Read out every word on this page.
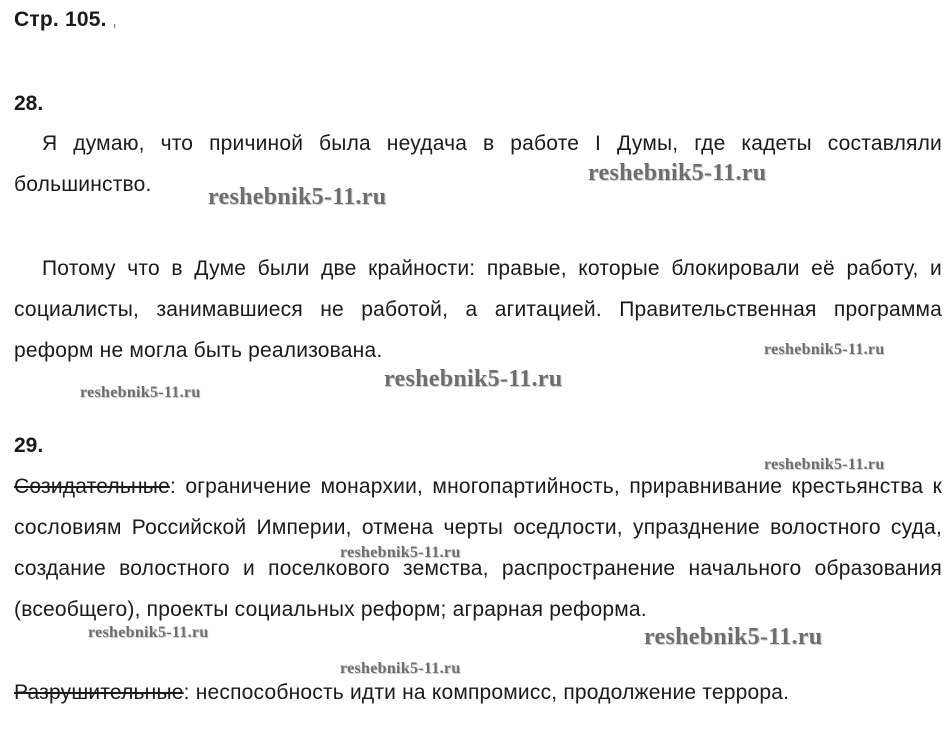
Стр. 105. ,
28.
Я думаю, что причиной была неудача в работе I Думы, где кадеты составляли большинство.
Потому что в Думе были две крайности: правые, которые блокировали её работу, и социалисты, занимавшиеся не работой, а агитацией. Правительственная программа реформ не могла быть реализована.
29.
Созидательные: ограничение монархии, многопартийность, приравнивание крестьянства к сословиям Российской Империи, отмена черты оседлости, упразднение волостного суда, создание волостного и поселкового земства, распространение начального образования (всеобщего), проекты социальных реформ; аграрная реформа.
Разрушительные: неспособность идти на компромисс, продолжение террора.
reshebnik5-11.ru
reshebnik5-11.ru
reshebnik5-11.ru
reshebnik5-11.ru
reshebnik5-11.ru
reshebnik5-11.ru
reshebnik5-11.ru
reshebnik5-11.ru	reshebnik5-11.ru
reshebnik5-11.ru
